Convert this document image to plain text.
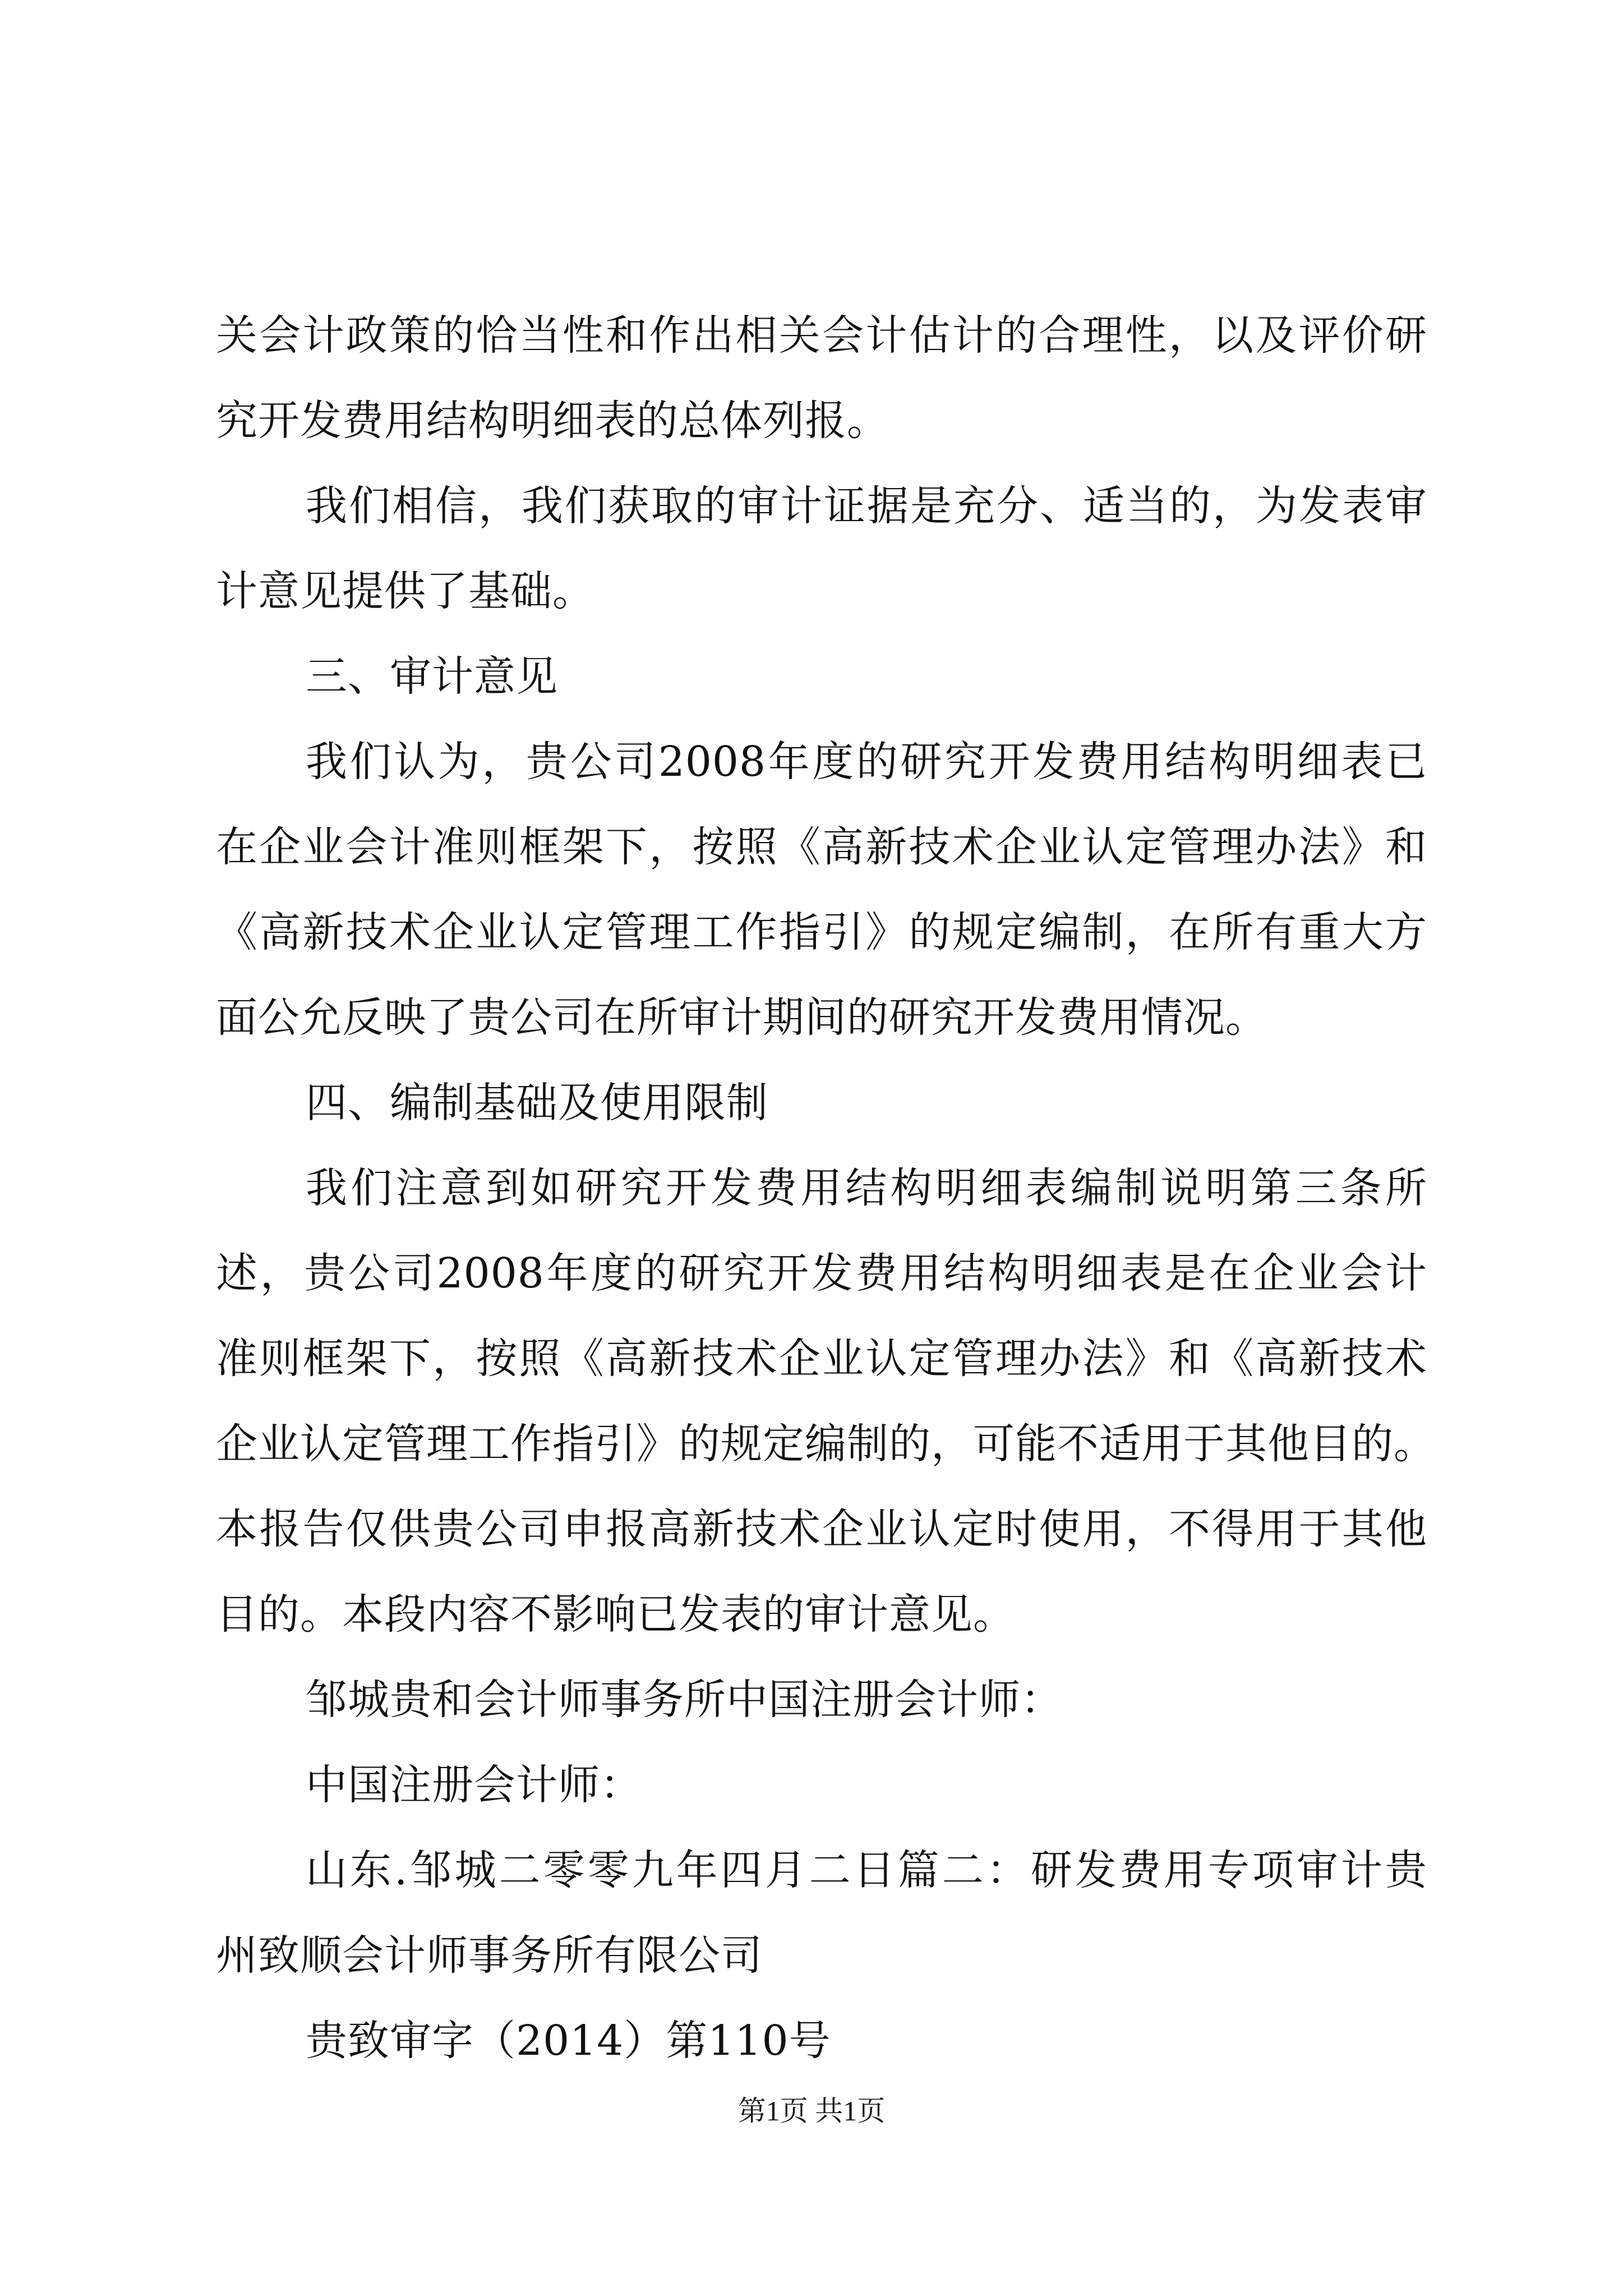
关会计政策的恰当性和作出相关会计估计的合理性，以及评价研
究开发费用结构明细表的总体列报。
我们相信，我们获取的审计证据是充分、适当的，为发表审
计意见提供了基础。
三、审计意见
我们认为，贵公司2008年度的研究开发费用结构明细表已
在企业会计准则框架下，按照《高新技术企业认定管理办法》和
《高新技术企业认定管理工作指引》的规定编制，在所有重大方
面公允反映了贵公司在所审计期间的研究开发费用情况。
四、编制基础及使用限制
我们注意到如研究开发费用结构明细表编制说明第三条所
述，贵公司2008年度的研究开发费用结构明细表是在企业会计
准则框架下，按照《高新技术企业认定管理办法》和《高新技术
企业认定管理工作指引》的规定编制的，可能不适用于其他目的。
本报告仅供贵公司申报高新技术企业认定时使用，不得用于其他
目的。本段内容不影响已发表的审计意见。
邹城贵和会计师事务所中国注册会计师：
中国注册会计师：
山东.邹城二零零九年四月二日篇二：研发费用专项审计贵
州致顺会计师事务所有限公司
贵致审字（2014）第110号
第1页 共1页
